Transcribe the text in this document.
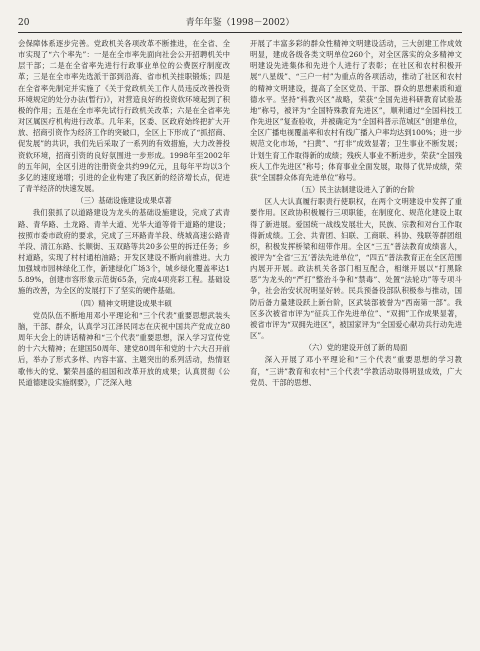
20	青年年鉴（1998－2002）

会保障体系逐步完善。党政机关各项改革不断推进，在全省、全市实现了“六个率先”：一是在全市率先面向社会公开招聘机关中层干部；二是在全省率先进行行政事业单位的公费医疗制度改革；三是在全市率先选派干部到沿海、省市机关挂职锻炼；四是在全省率先制定并实施了《关于党政机关工作人员违反改善投资环境规定的处分办法(暂行)》，对营造良好的投资软环境起到了积极的作用；五是在全市率先试行行政机关改革；六是在全省率先对区属医疗机构进行改革。几年来，区委、区政府始终把扩大开放、招商引资作为经济工作的突破口，全区上下形成了“抓招商、促发展”的共识，我们先后采取了一系列的有效措施，大力改善投资软环境，招商引资的良好氛围进一步形成。1998年至2002年的五年间，全区引进的注册资金共约99亿元，且每年平均以3个多亿的速度递增；引进的企业构建了我区新的经济增长点，促进了青羊经济的快速发展。

（三）基础设施建设成果卓著

我们狠抓了以道路建设为龙头的基础设施建设，完成了武青路、青华路、土龙路、青羊大道、光华大道等骨干道路的建设；按照市委市政府的要求，完成了三环路青羊段、绕城高速公路青羊段、清江东路、长顺街、玉双路等共20多公里的拆迁任务；乡村道路，实现了村村通柏油路；开发区建设不断向前推进。大力加强城市园林绿化工作，新建绿化广场3个，城乡绿化覆盖率达15.89%，创建市容形象示范街65条，完成4项亮彩工程。基础设施的改善，为全区的发展打下了坚实的硬件基础。

（四）精神文明建设成果丰硕

党员队伍不断地用邓小平理论和“三个代表”重要思想武装头脑，干部、群众，认真学习江泽民同志在庆祝中国共产党成立80周年大会上的讲话精神和“三个代表”重要思想，深入学习宣传党的十六大精神；在建国50周年、建党80周年和党的十六大召开前后，举办了形式多样、内容丰富、主题突出的系列活动，热情讴歌伟大的党、繁荣昌盛的祖国和改革开放的成果；认真贯彻《公民道德建设实施纲要》，广泛深入地

开展了丰富多彩的群众性精神文明建设活动，三大创建工作成效明显，建成各级各类文明单位260个，对全区落实的众多精神文明建设先进集体和先进个人进行了表彰；在社区和农村积极开展“八星级”、“三户一村”为重点的各项活动，推动了社区和农村的精神文明建设，提高了全区党员、干部、群众的思想素质和道德水平。坚持“科教兴区”战略，荣获“全国先进科研教育试验基地”称号，被评为“全国特殊教育先进区”，顺利通过“全国科技工作先进区”复查验收，并被确定为“全国科普示范城区”创建单位，全区广播电视覆盖率和农村有线广播入户率均达到100%；进一步规范文化市场，“扫黄”、“打非”成效显著；卫生事业不断发展；计划生育工作取得新的成绩；残疾人事业不断进步，荣获“全国残疾人工作先进区”称号；体育事业全面发展，取得了优异成绩，荣获“全国群众体育先进单位”称号。

（五）民主法制建设进入了新的台阶

区人大认真履行职责行使职权，在两个文明建设中发挥了重要作用。区政协积极履行三项职能，在制度化、规范化建设上取得了新进展。爱国统一战线发展壮大，民族、宗教和对台工作取得新成绩。工会、共青团、妇联、工商联、科协、残联等群团组织，积极发挥桥梁和纽带作用。全区“三五”普法教育成绩喜人，被评为“全省‘三五’普法先进单位”，“四五”普法教育正在全区范围内展开开展。政法机关各部门相互配合，相继开展以“打黑除恶”为龙头的“严打”整治斗争和“禁毒”、处置“法轮功”等专项斗争，社会治安状况明显好转。民兵预备役部队积极参与推动，国防后备力量建设跃上新台阶，区武装部被誉为“西南第一部”。我区多次被省市评为“征兵工作先进单位”、“双拥”工作成果显著，被省市评为“双拥先进区”，被国家评为“全国爱心献功兵行动先进区”。

（六）党的建设开创了新的局面

深入开展了邓小平理论和“三个代表”重要思想的学习教育，“三讲”教育和农村“三个代表”学教活动取得明显成效，广大党员、干部的思想、
